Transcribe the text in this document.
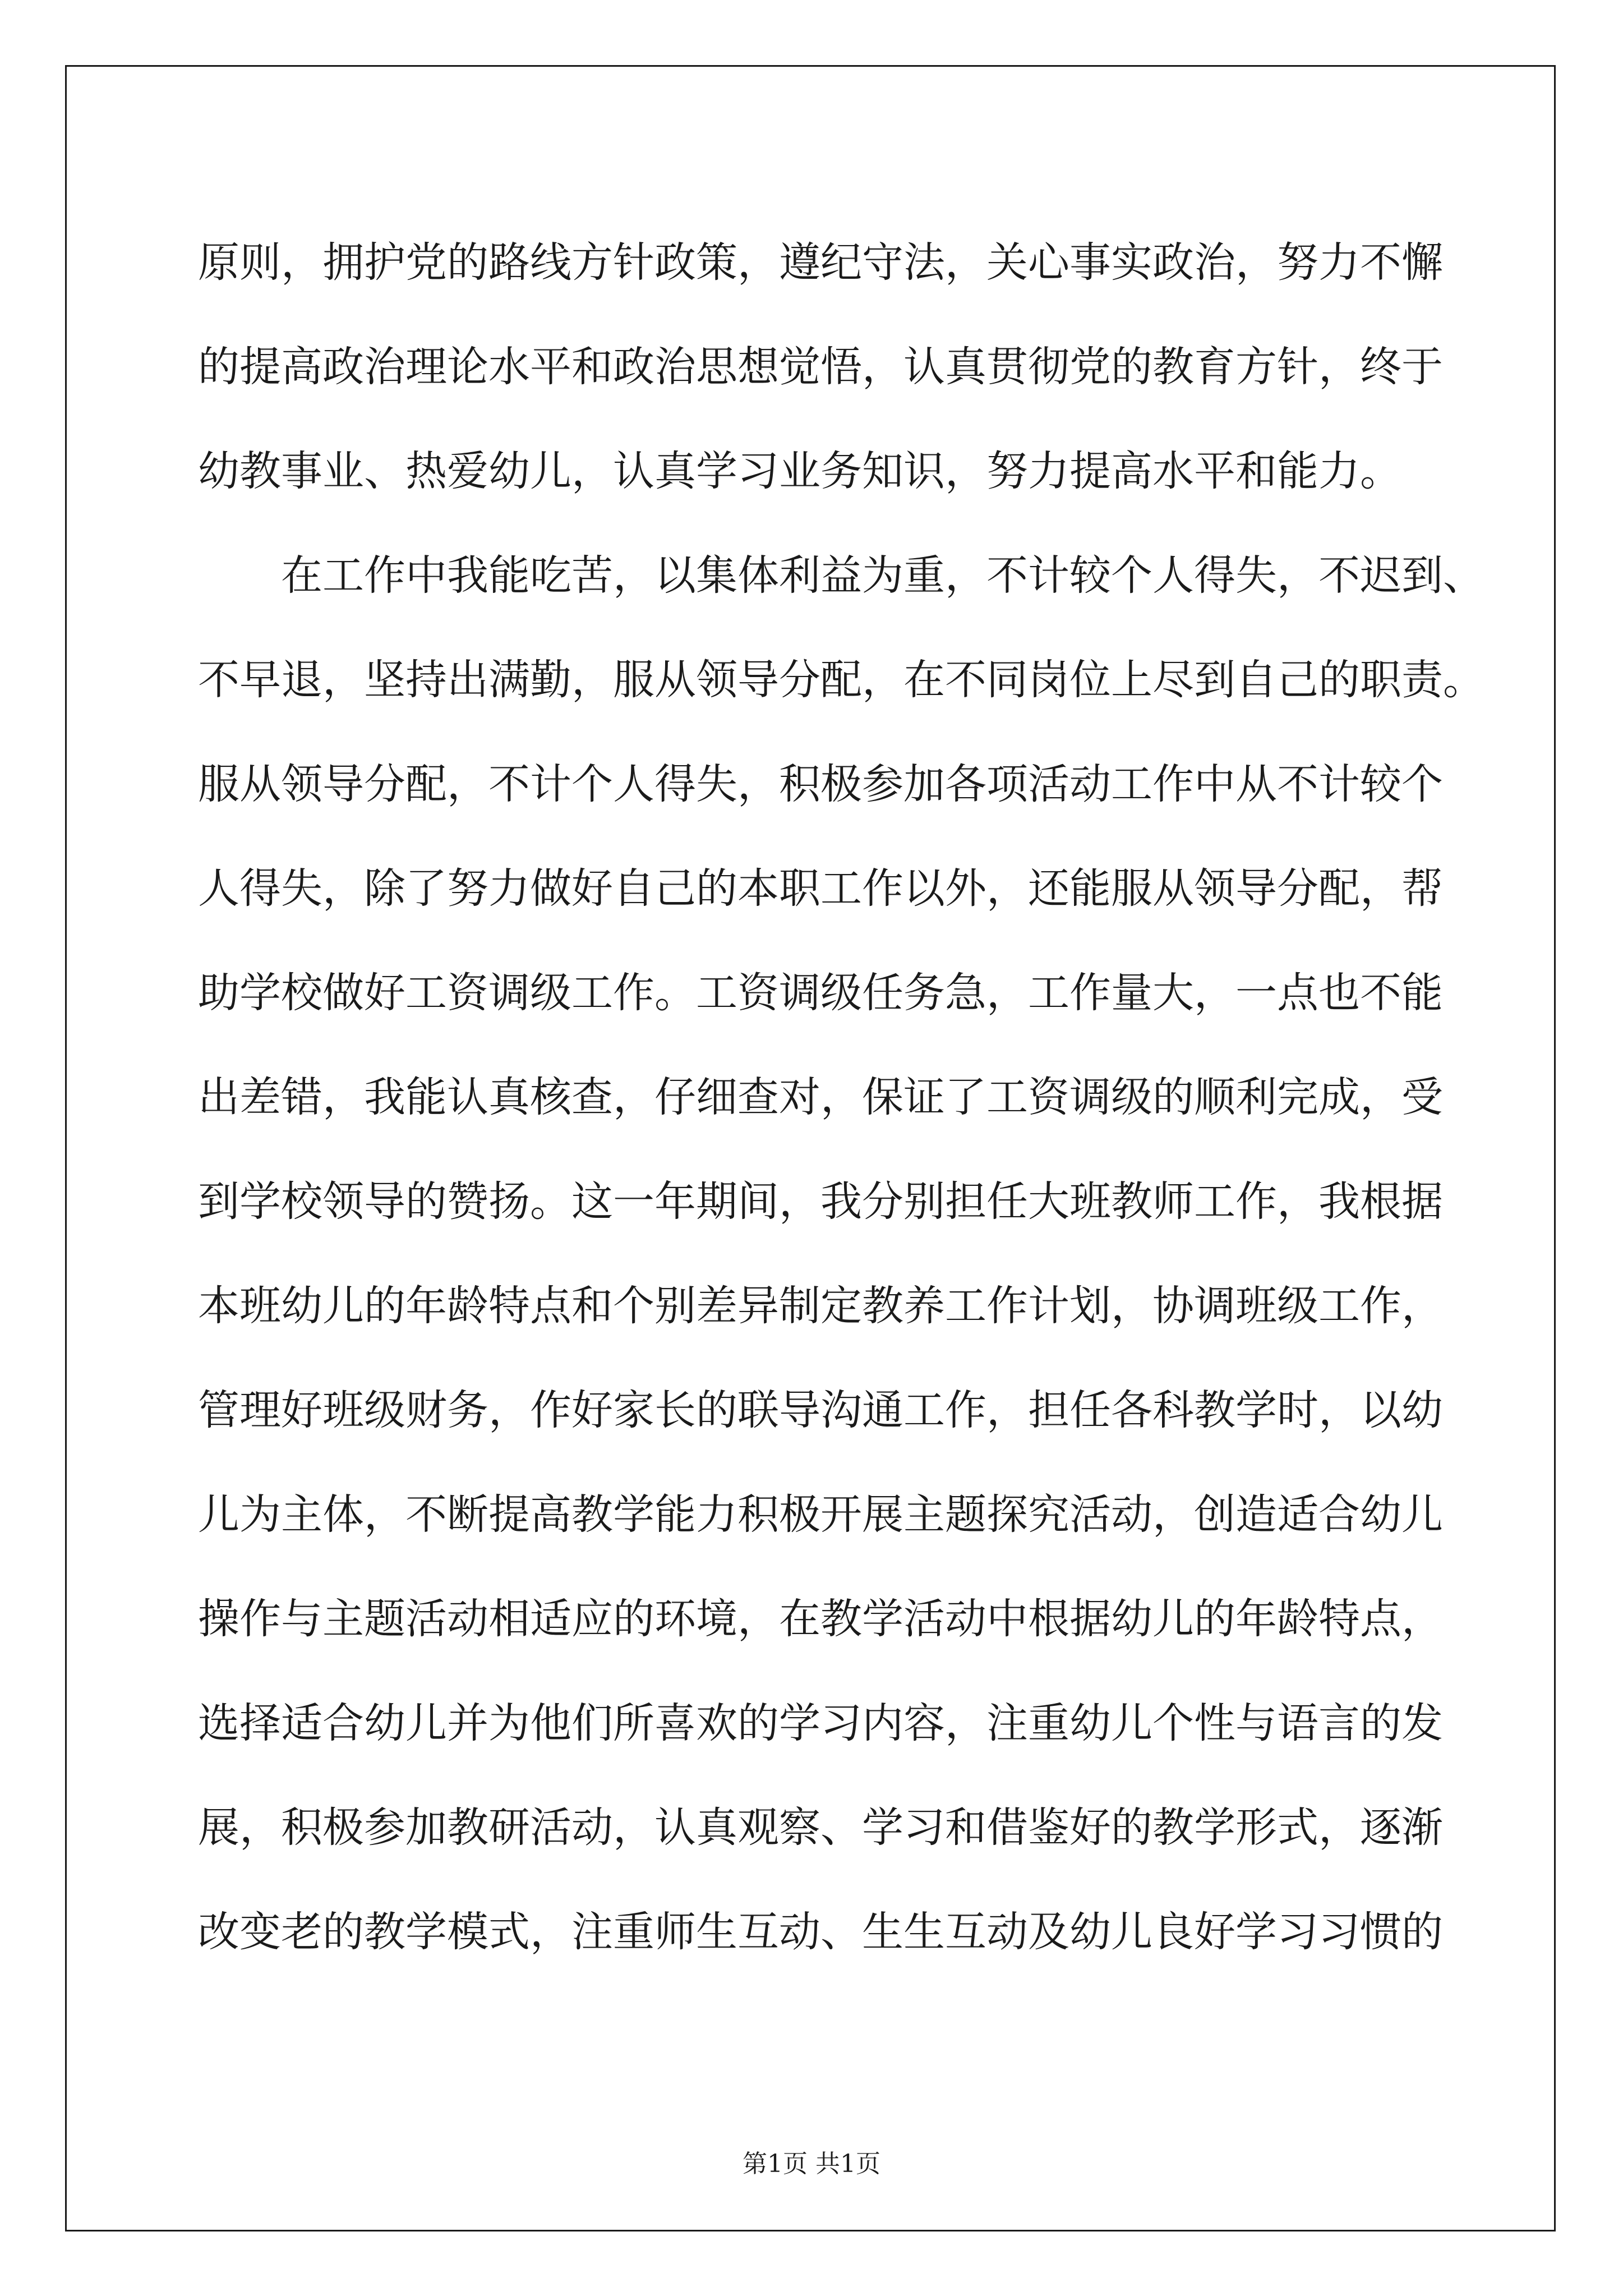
原则，拥护党的路线方针政策，遵纪守法，关心事实政治，努力不懈
的提高政治理论水平和政治思想觉悟，认真贯彻党的教育方针，终于
幼教事业、热爱幼儿，认真学习业务知识，努力提高水平和能力。
在工作中我能吃苦，以集体利益为重，不计较个人得失，不迟到、
不早退，坚持出满勤，服从领导分配，在不同岗位上尽到自己的职责。
服从领导分配，不计个人得失，积极参加各项活动工作中从不计较个
人得失，除了努力做好自己的本职工作以外，还能服从领导分配，帮
助学校做好工资调级工作。工资调级任务急，工作量大，一点也不能
出差错，我能认真核查，仔细查对，保证了工资调级的顺利完成，受
到学校领导的赞扬。这一年期间，我分别担任大班教师工作，我根据
本班幼儿的年龄特点和个别差异制定教养工作计划，协调班级工作，
管理好班级财务，作好家长的联导沟通工作，担任各科教学时，以幼
儿为主体，不断提高教学能力积极开展主题探究活动，创造适合幼儿
操作与主题活动相适应的环境，在教学活动中根据幼儿的年龄特点，
选择适合幼儿并为他们所喜欢的学习内容，注重幼儿个性与语言的发
展，积极参加教研活动，认真观察、学习和借鉴好的教学形式，逐渐
改变老的教学模式，注重师生互动、生生互动及幼儿良好学习习惯的
第1页 共1页
